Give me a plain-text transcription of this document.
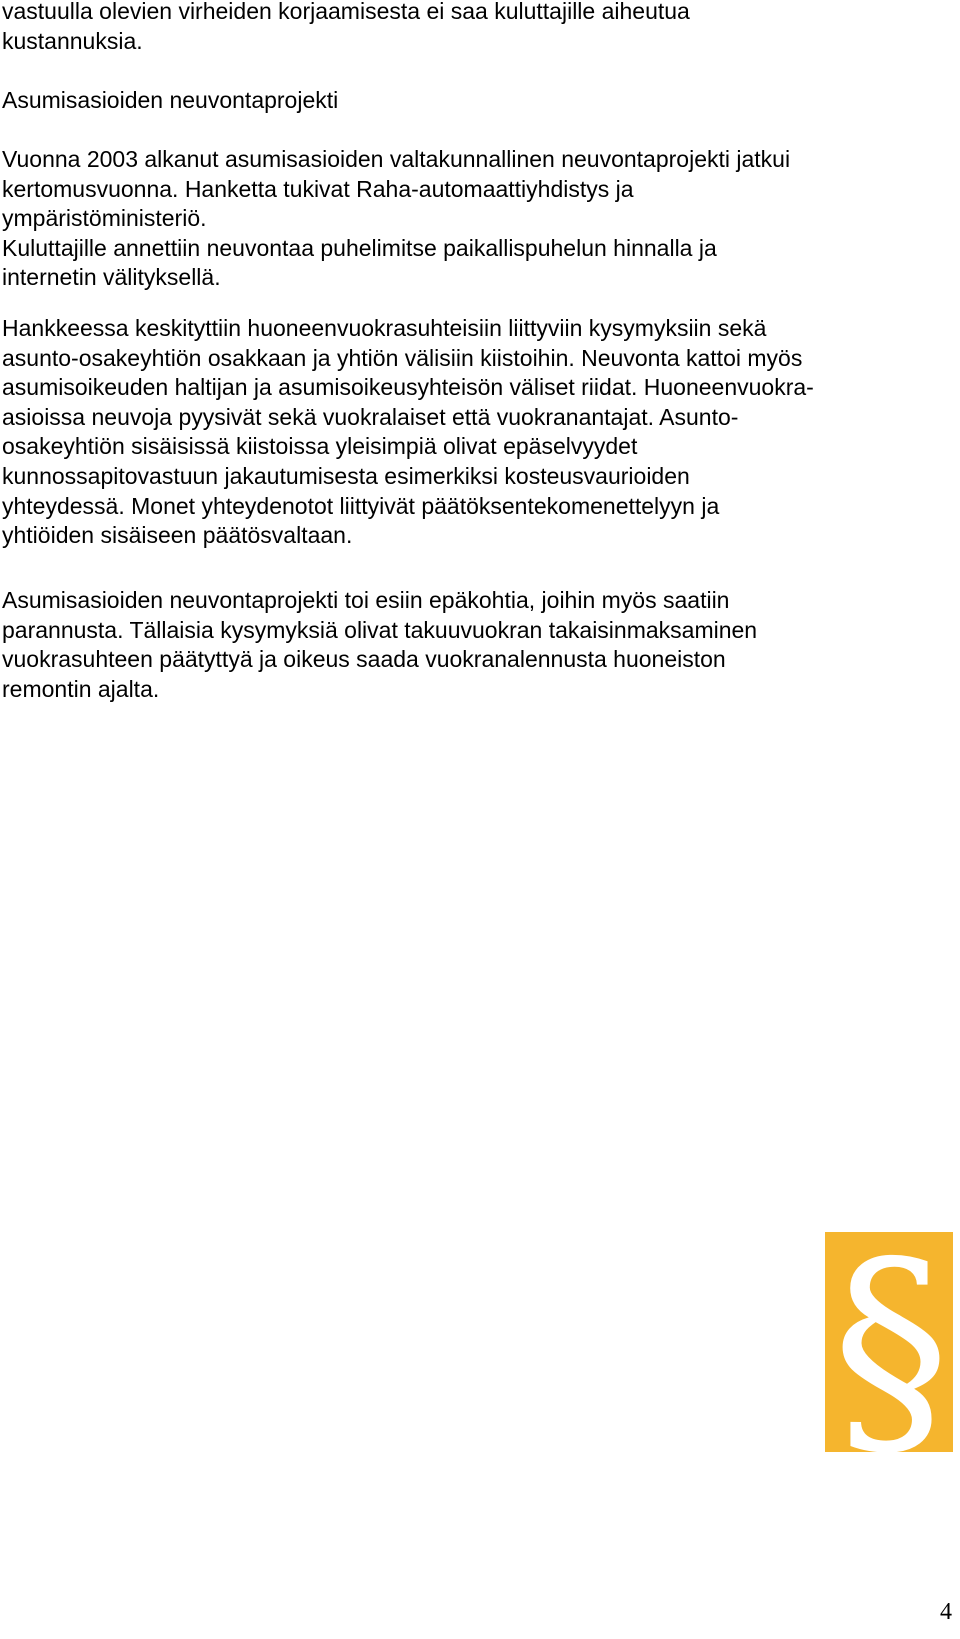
vastuulla olevien virheiden korjaamisesta ei saa kuluttajille aiheutua
kustannuksia.
Asumisasioiden neuvontaprojekti
Vuonna 2003 alkanut asumisasioiden valtakunnallinen neuvontaprojekti jatkui
kertomusvuonna. Hanketta tukivat Raha-automaattiyhdistys ja
ympäristöministeriö.
Kuluttajille annettiin neuvontaa puhelimitse paikallispuhelun hinnalla ja
internetin välityksellä.
Hankkeessa keskityttiin huoneenvuokrasuhteisiin liittyviin kysymyksiin sekä
asunto-osakeyhtiön osakkaan ja yhtiön välisiin kiistoihin. Neuvonta kattoi myös
asumisoikeuden haltijan ja asumisoikeusyhteisön väliset riidat. Huoneenvuokra-
asioissa neuvoja pyysivät sekä vuokralaiset että vuokranantajat. Asunto-
osakeyhtiön sisäisissä kiistoissa yleisimpiä olivat epäselvyydet
kunnossapitovastuun jakautumisesta esimerkiksi kosteusvaurioiden
yhteydessä. Monet yhteydenotot liittyivät päätöksentekomenettelyyn ja
yhtiöiden sisäiseen päätösvaltaan.
Asumisasioiden neuvontaprojekti toi esiin epäkohtia, joihin myös saatiin
parannusta. Tällaisia kysymyksiä olivat takuuvuokran takaisinmaksaminen
vuokrasuhteen päätyttyä ja oikeus saada vuokranalennusta huoneiston
remontin ajalta.
§
4
